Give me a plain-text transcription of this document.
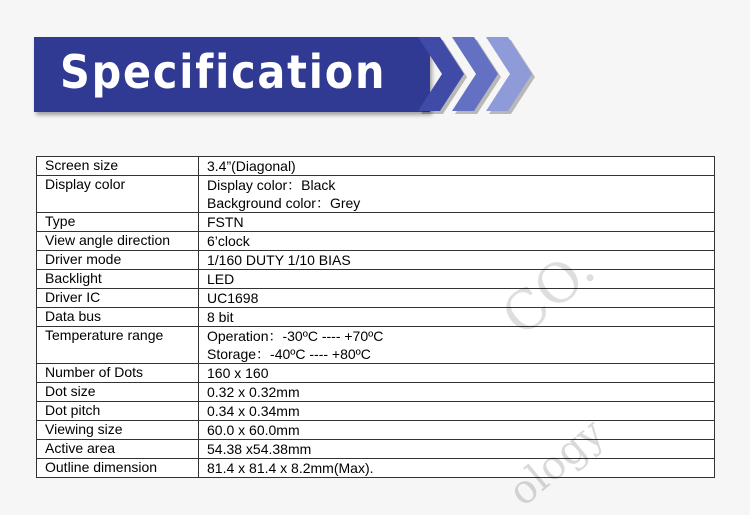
Specification
Screen size	3.4”(Diagonal)

Display color	Display color：Black
Background color：Grey

Type	FSTN

View angle direction	6’clock

Driver mode	1/160 DUTY 1/10 BIAS

Backlight	LED

Driver IC	UC1698

Data bus	8 bit

Temperature range	Operation：-30ºC ---- +70ºC
Storage：-40ºC ---- +80ºC

Number of Dots	160 x 160

Dot size	0.32 x 0.32mm

Dot pitch	0.34 x 0.34mm

Viewing size	60.0 x 60.0mm

Active area	54.38 x54.38mm

Outline dimension	81.4 x 81.4 x 8.2mm(Max).
CO.
ology
